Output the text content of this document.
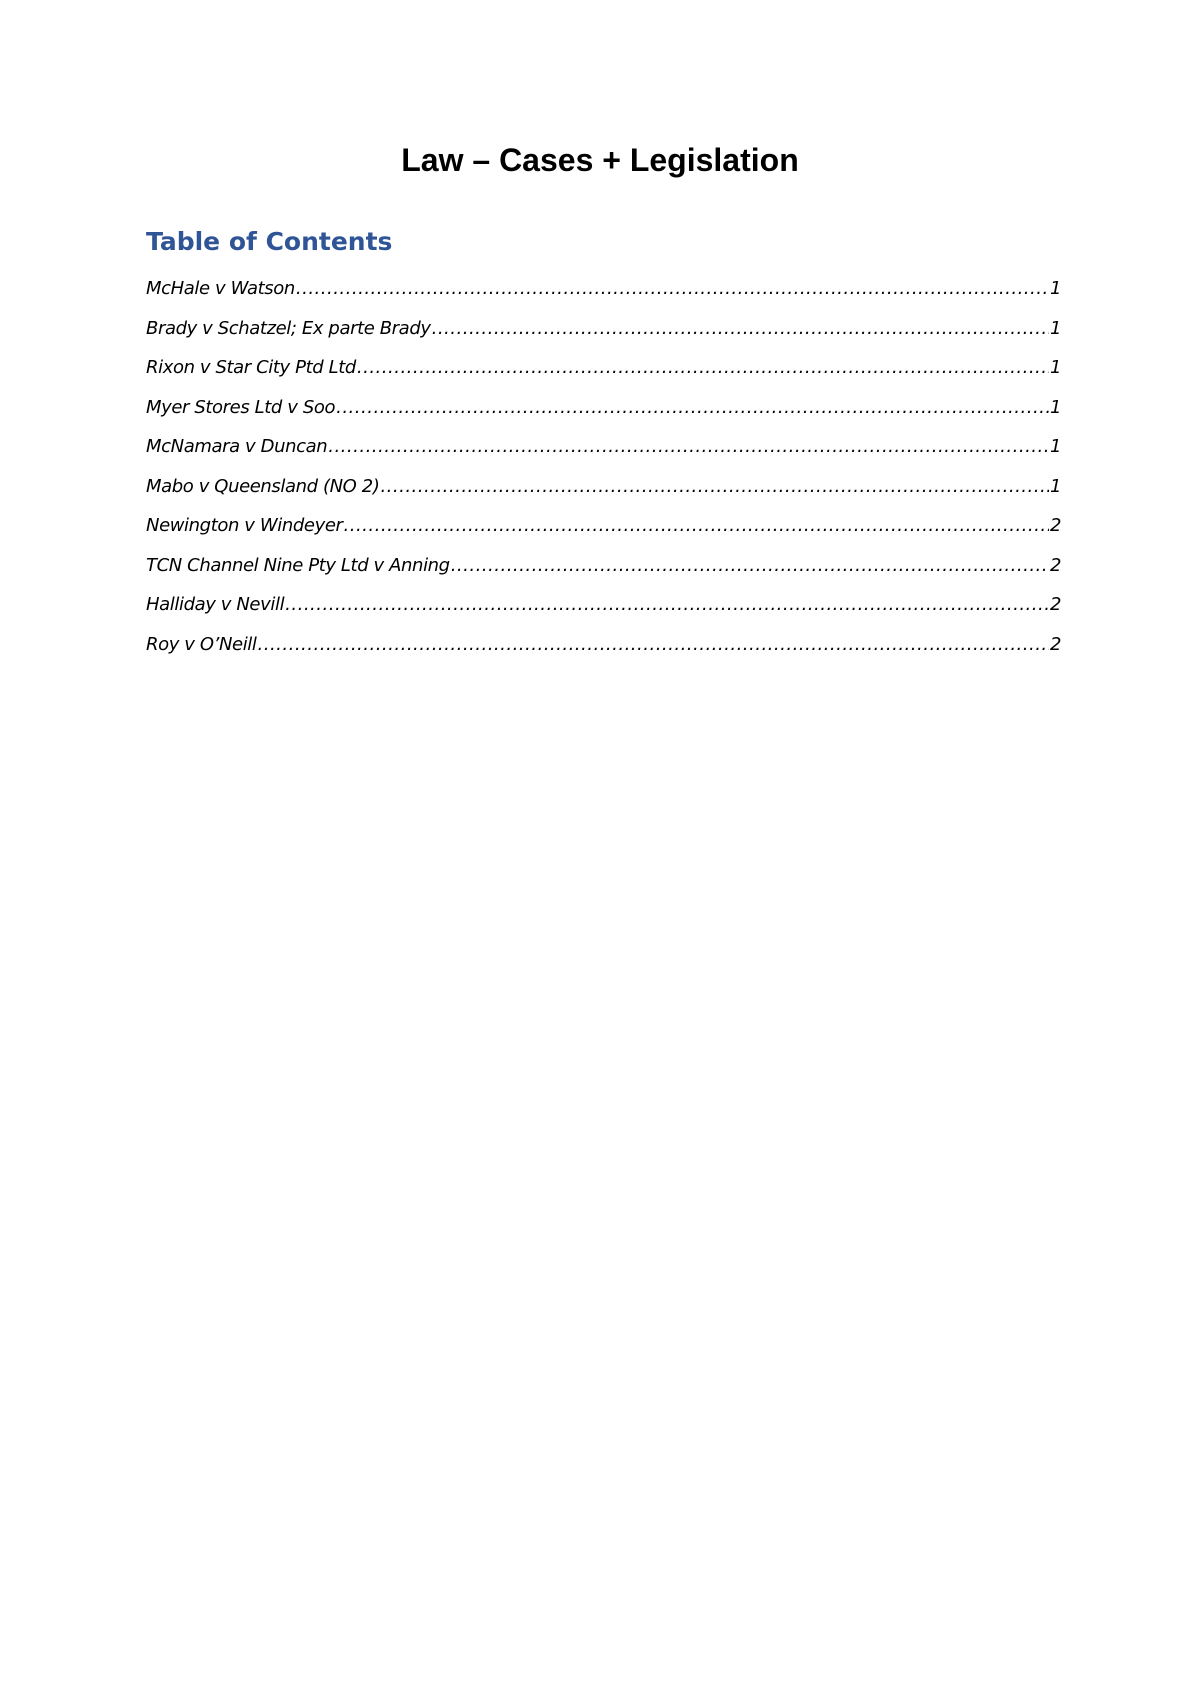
Law – Cases + Legislation
Table of Contents
McHale v Watson .....	1
Brady v Schatzel; Ex parte Brady .....	1
Rixon v Star City Ptd Ltd .....	1
Myer Stores Ltd v Soo .....	1
McNamara v Duncan .....	1
Mabo v Queensland (NO 2) .....	1
Newington v Windeyer .....	2
TCN Channel Nine Pty Ltd v Anning .....	2
Halliday v Nevill .....	2
Roy v O’Neill .....	2
